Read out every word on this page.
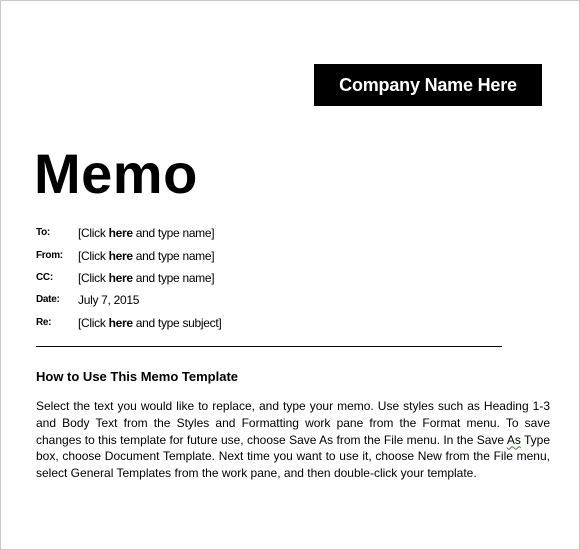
Company Name Here
Memo
To: [Click here and type name]
From: [Click here and type name]
CC: [Click here and type name]
Date: July 7, 2015
Re: [Click here and type subject]
How to Use This Memo Template
Select the text you would like to replace, and type your memo. Use styles such as Heading 1-3 and Body Text from the Styles and Formatting work pane from the Format menu. To save changes to this template for future use, choose Save As from the File menu. In the Save As Type box, choose Document Template. Next time you want to use it, choose New from the File menu, select General Templates from the work pane, and then double-click your template.
